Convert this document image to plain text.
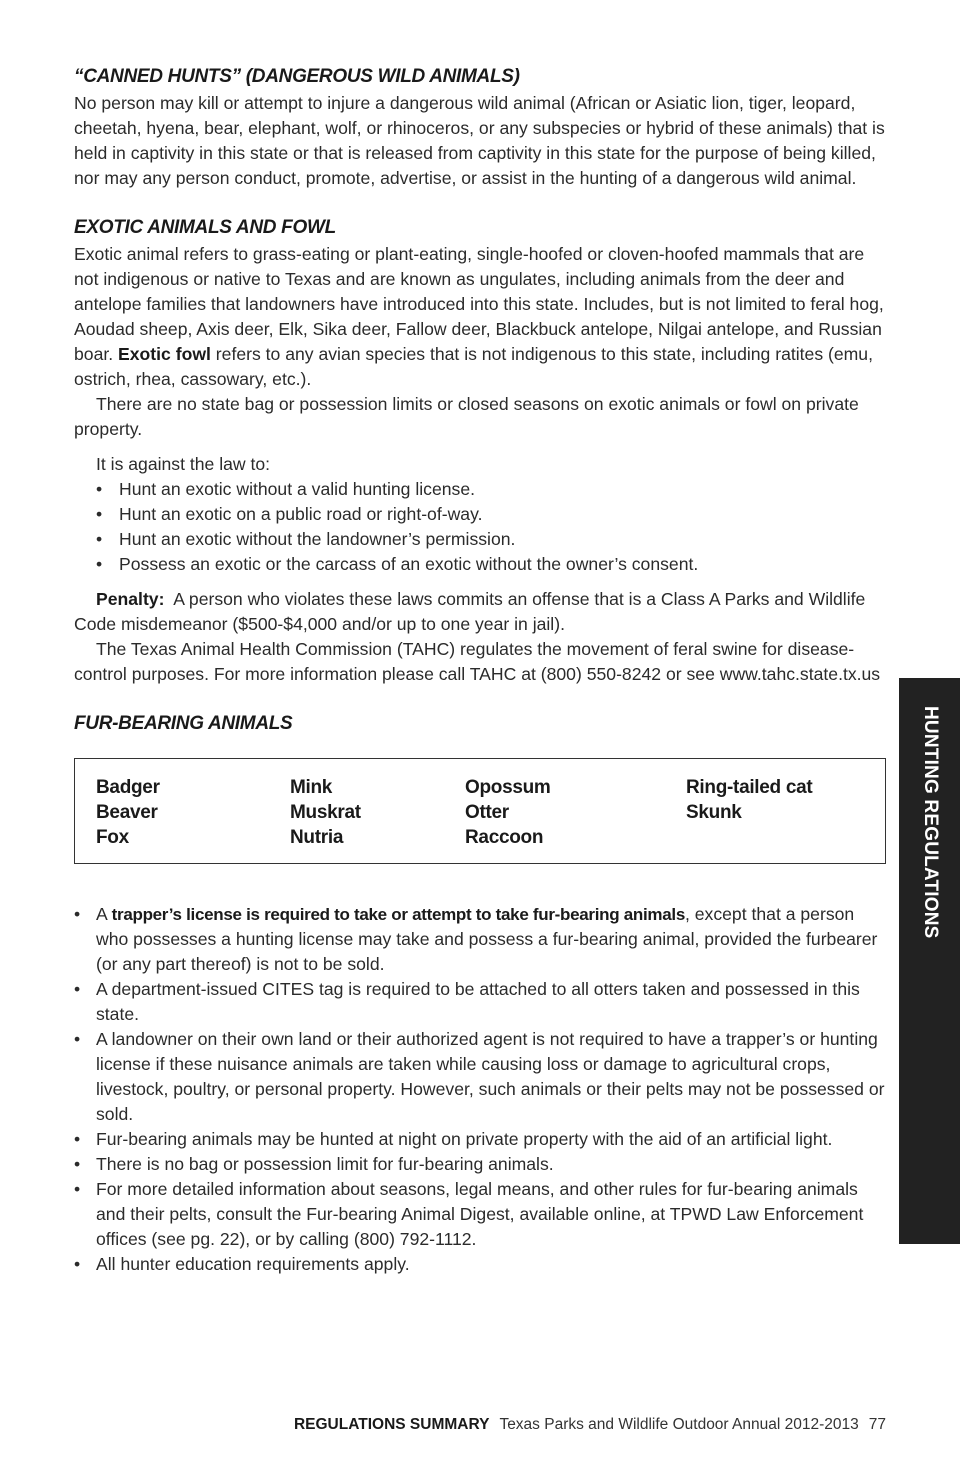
“CANNED HUNTS” (DANGEROUS WILD ANIMALS)

No person may kill or attempt to injure a dangerous wild animal (African or Asiatic lion, tiger, leopard, cheetah, hyena, bear, elephant, wolf, or rhinoceros, or any subspecies or hybrid of these animals) that is held in captivity in this state or that is released from captivity in this state for the purpose of being killed, nor may any person conduct, promote, advertise, or assist in the hunting of a dangerous wild animal.

EXOTIC ANIMALS AND FOWL

Exotic animal refers to grass-eating or plant-eating, single-hoofed or cloven-hoofed mammals that are not indigenous or native to Texas and are known as ungulates, including animals from the deer and antelope families that landowners have introduced into this state. Includes, but is not limited to feral hog, Aoudad sheep, Axis deer, Elk, Sika deer, Fallow deer, Blackbuck antelope, Nilgai antelope, and Russian boar. Exotic fowl refers to any avian species that is not indigenous to this state, including ratites (emu, ostrich, rhea, cassowary, etc.).

There are no state bag or possession limits or closed seasons on exotic animals or fowl on private property.

It is against the law to:
• Hunt an exotic without a valid hunting license.
• Hunt an exotic on a public road or right-of-way.
• Hunt an exotic without the landowner’s permission.
• Possess an exotic or the carcass of an exotic without the owner’s consent.

Penalty: A person who violates these laws commits an offense that is a Class A Parks and Wildlife Code misdemeanor ($500-$4,000 and/or up to one year in jail).

The Texas Animal Health Commission (TAHC) regulates the movement of feral swine for disease-control purposes. For more information please call TAHC at (800) 550-8242 or see www.tahc.state.tx.us

FUR-BEARING ANIMALS
Badger
Beaver
Fox
Mink
Muskrat
Nutria
Opossum
Otter
Raccoon
Ring-tailed cat
Skunk
• A trapper’s license is required to take or attempt to take fur-bearing animals, except that a person who possesses a hunting license may take and possess a fur-bearing animal, provided the furbearer (or any part thereof) is not to be sold.
• A department-issued CITES tag is required to be attached to all otters taken and possessed in this state.
• A landowner on their own land or their authorized agent is not required to have a trapper’s or hunting license if these nuisance animals are taken while causing loss or damage to agricultural crops, livestock, poultry, or personal property. However, such animals or their pelts may not be possessed or sold.
• Fur-bearing animals may be hunted at night on private property with the aid of an artificial light.
• There is no bag or possession limit for fur-bearing animals.
• For more detailed information about seasons, legal means, and other rules for fur-bearing animals and their pelts, consult the Fur-bearing Animal Digest, available online, at TPWD Law Enforcement offices (see pg. 22), or by calling (800) 792-1112.
• All hunter education requirements apply.
HUNTING REGULATIONS
REGULATIONS SUMMARY Texas Parks and Wildlife Outdoor Annual 2012-2013 77
